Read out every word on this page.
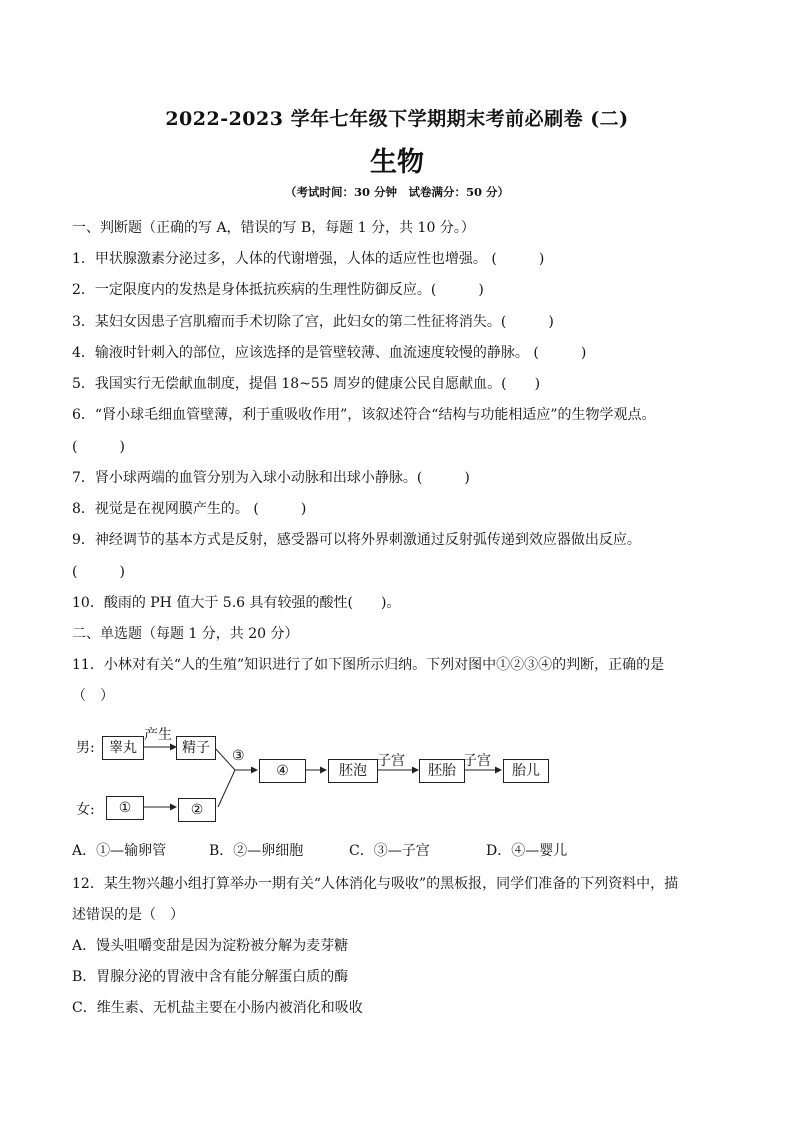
2022-2023 学年七年级下学期期末考前必刷卷 (二)
生物
（考试时间：30 分钟　试卷满分：50 分）
一、判断题（正确的写 A，错误的写 B，每题 1 分，共 10 分。）
1．甲状腺激素分泌过多，人体的代谢增强，人体的适应性也增强。 (　　　)
2．一定限度内的发热是身体抵抗疾病的生理性防御反应。(　　　)
3．某妇女因患子宫肌瘤而手术切除了宫，此妇女的第二性征将消失。(　　　)
4．输液时针刺入的部位，应该选择的是管壁较薄、血流速度较慢的静脉。 (　　　)
5．我国实行无偿献血制度，提倡 18~55 周岁的健康公民自愿献血。(　　)
6．“肾小球毛细血管壁薄，利于重吸收作用”，该叙述符合“结构与功能相适应”的生物学观点。
(　　　)
7．肾小球两端的血管分别为入球小动脉和出球小静脉。(　　　)
8．视觉是在视网膜产生的。 (　　　)
9．神经调节的基本方式是反射，感受器可以将外界刺激通过反射弧传递到效应器做出反应。
(　　　)
10．酸雨的 PH 值大于 5.6 具有较强的酸性(　　)。
二、单选题（每题 1 分，共 20 分）
11．小林对有关“人的生殖”知识进行了如下图所示归纳。下列对图中①②③④的判断，正确的是
（　）
男:	睾丸
产生
精子	③
④	胚泡
子宫
胚胎
子宫
胎儿
女:	①	②
A．①—输卵管	B．②—卵细胞	C．③—子宫	D．④—婴儿
12．某生物兴趣小组打算举办一期有关“人体消化与吸收”的黑板报，同学们准备的下列资料中，描
述错误的是（　）
A．馒头咀嚼变甜是因为淀粉被分解为麦芽糖
B．胃腺分泌的胃液中含有能分解蛋白质的酶
C．维生素、无机盐主要在小肠内被消化和吸收
